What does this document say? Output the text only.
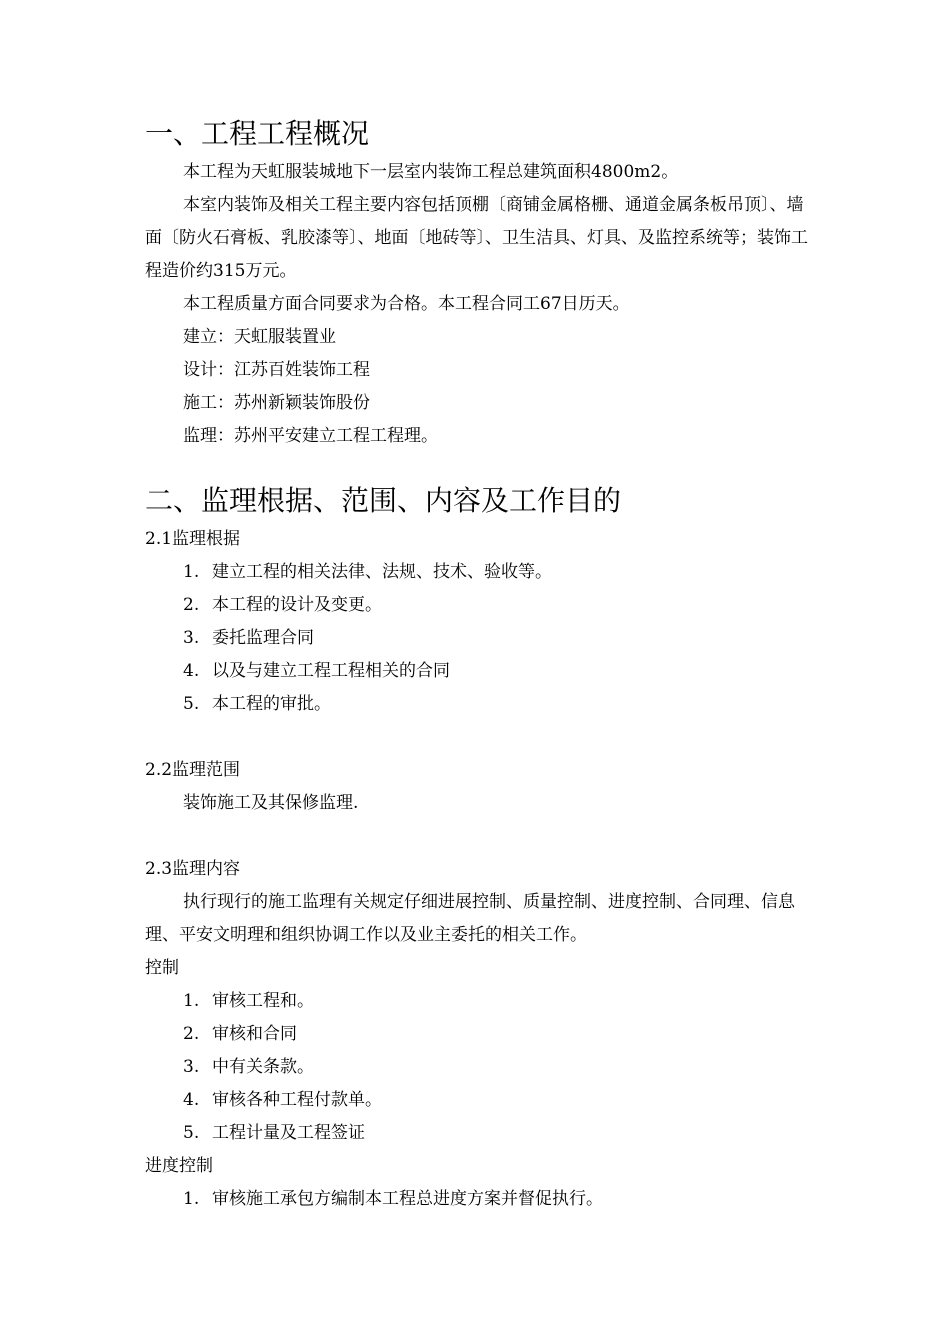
一、工程工程概况

本工程为天虹服装城地下一层室内装饰工程总建筑面积4800m2。

本室内装饰及相关工程主要内容包括顶棚〔商铺金属格栅、通道金属条板吊顶〕、墙面〔防火石膏板、乳胶漆等〕、地面〔地砖等〕、卫生洁具、灯具、及监控系统等；装饰工程造价约315万元。

本工程质量方面合同要求为合格。本工程合同工67日历天。

建立：天虹服装置业

设计：江苏百姓装饰工程

施工：苏州新颖装饰股份

监理：苏州平安建立工程工程理。

二、监理根据、范围、内容及工作目的

2.1监理根据

1. 建立工程的相关法律、法规、技术、验收等。
2. 本工程的设计及变更。
3. 委托监理合同
4. 以及与建立工程工程相关的合同
5. 本工程的审批。

2.2监理范围

装饰施工及其保修监理.

2.3监理内容

执行现行的施工监理有关规定仔细进展控制、质量控制、进度控制、合同理、信息理、平安文明理和组织协调工作以及业主委托的相关工作。

控制

1. 审核工程和。
2. 审核和合同
3. 中有关条款。
4. 审核各种工程付款单。
5. 工程计量及工程签证

进度控制

1. 审核施工承包方编制本工程总进度方案并督促执行。
